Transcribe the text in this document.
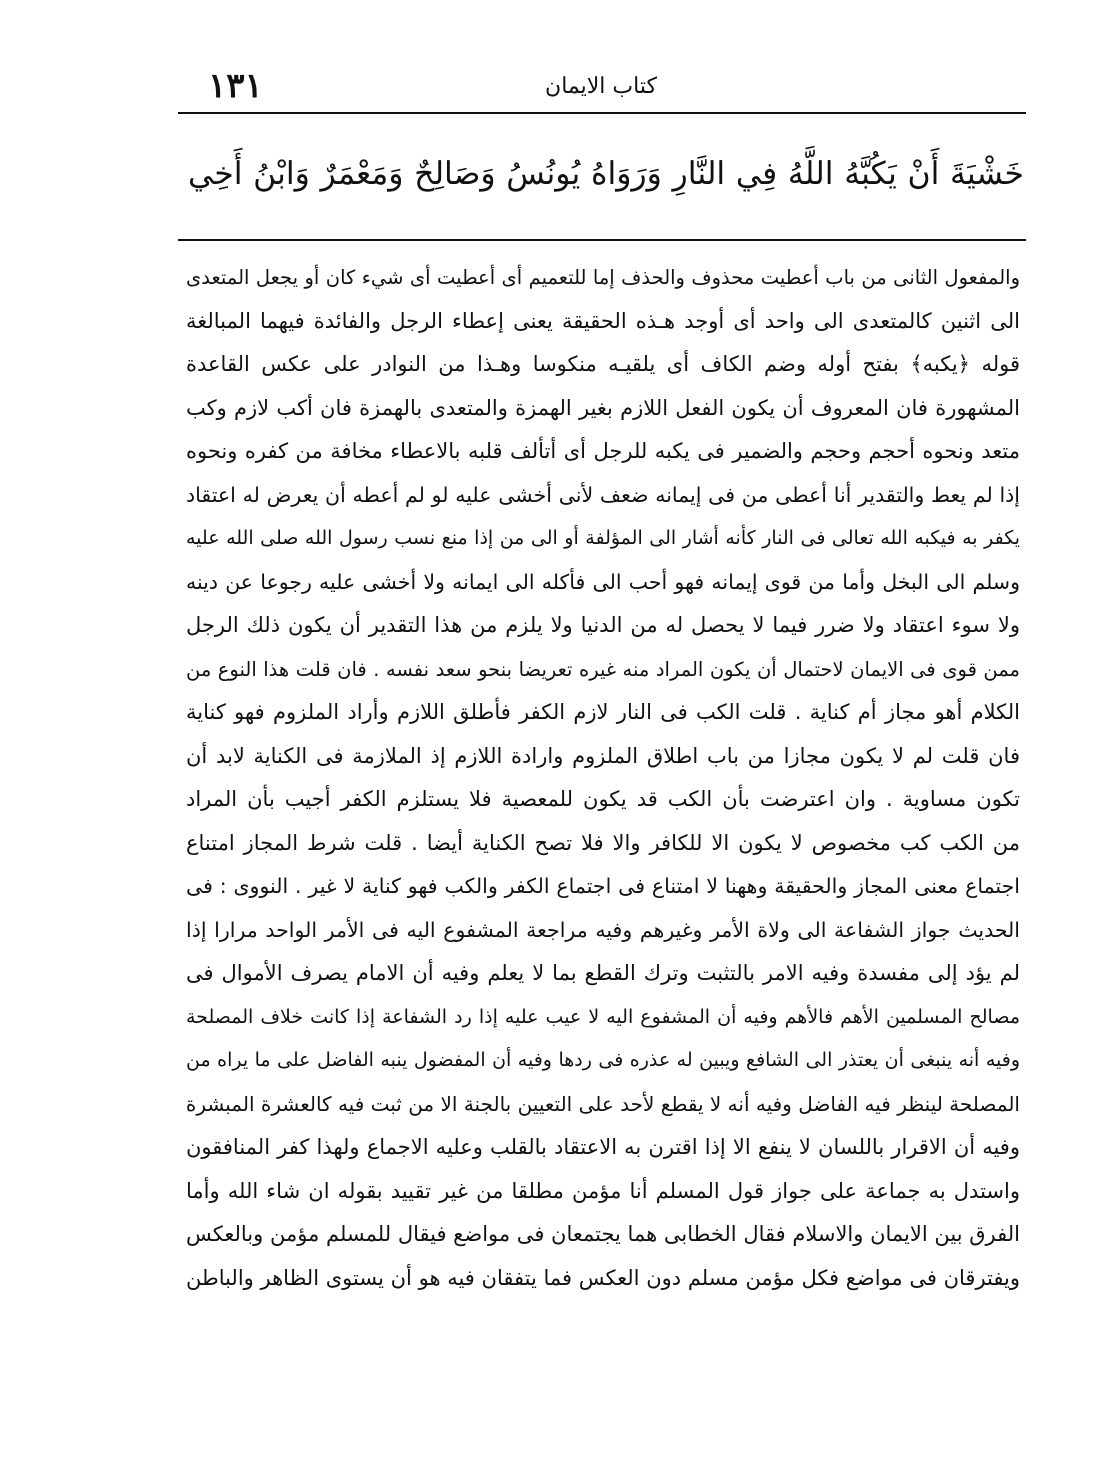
١٣١	كتاب الايمان
خَشْيَةَ أَنْ يَكُبَّهُ اللَّهُ فِي النَّارِ وَرَوَاهُ يُونُسُ وَصَالِحٌ وَمَعْمَرٌ وَابْنُ أَخِي
والمفعول الثانى من باب أعطيت محذوف والحذف إما للتعميم أى أعطيت أى شيء كان أو يجعل المتعدى
الى اثنين كالمتعدى الى واحد أى أوجد هـذه الحقيقة يعنى إعطاء الرجل والفائدة فيهما المبالغة
قوله ﴿يكبه﴾ بفتح أوله وضم الكاف أى يلقيـه منكوسا وهـذا من النوادر على عكس القاعدة
المشهورة فان المعروف أن يكون الفعل اللازم بغير الهمزة والمتعدى بالهمزة فان أكب لازم وكب
متعد ونحوه أحجم وحجم والضمير فى يكبه للرجل أى أتألف قلبه بالاعطاء مخافة من كفره ونحوه
إذا لم يعط والتقدير أنا أعطى من فى إيمانه ضعف لأنى أخشى عليه لو لم أعطه أن يعرض له اعتقاد
يكفر به فيكبه الله تعالى فى النار كأنه أشار الى المؤلفة أو الى من إذا منع نسب رسول الله صلى الله عليه
وسلم الى البخل وأما من قوى إيمانه فهو أحب الى فأكله الى ايمانه ولا أخشى عليه رجوعا عن دينه
ولا سوء اعتقاد ولا ضرر فيما لا يحصل له من الدنيا ولا يلزم من هذا التقدير أن يكون ذلك الرجل
ممن قوى فى الايمان لاحتمال أن يكون المراد منه غيره تعريضا بنحو سعد نفسه . فان قلت هذا النوع من
الكلام أهو مجاز أم كناية . قلت الكب فى النار لازم الكفر فأطلق اللازم وأراد الملزوم فهو كناية
فان قلت لم لا يكون مجازا من باب اطلاق الملزوم وارادة اللازم إذ الملازمة فى الكناية لابد أن
تكون مساوية . وان اعترضت بأن الكب قد يكون للمعصية فلا يستلزم الكفر أجيب بأن المراد
من الكب كب مخصوص لا يكون الا للكافر والا فلا تصح الكناية أيضا . قلت شرط المجاز امتناع
اجتماع معنى المجاز والحقيقة وههنا لا امتناع فى اجتماع الكفر والكب فهو كناية لا غير . النووى : فى
الحديث جواز الشفاعة الى ولاة الأمر وغيرهم وفيه مراجعة المشفوع اليه فى الأمر الواحد مرارا إذا
لم يؤد إلى مفسدة وفيه الامر بالتثبت وترك القطع بما لا يعلم وفيه أن الامام يصرف الأموال فى
مصالح المسلمين الأهم فالأهم وفيه أن المشفوع اليه لا عيب عليه إذا رد الشفاعة إذا كانت خلاف المصلحة
وفيه أنه ينبغى أن يعتذر الى الشافع ويبين له عذره فى ردها وفيه أن المفضول ينبه الفاضل على ما يراه من
المصلحة لينظر فيه الفاضل وفيه أنه لا يقطع لأحد على التعيين بالجنة الا من ثبت فيه كالعشرة المبشرة
وفيه أن الاقرار باللسان لا ينفع الا إذا اقترن به الاعتقاد بالقلب وعليه الاجماع ولهذا كفر المنافقون
واستدل به جماعة على جواز قول المسلم أنا مؤمن مطلقا من غير تقييد بقوله ان شاء الله وأما
الفرق بين الايمان والاسلام فقال الخطابى هما يجتمعان فى مواضع فيقال للمسلم مؤمن وبالعكس
ويفترقان فى مواضع فكل مؤمن مسلم دون العكس فما يتفقان فيه هو أن يستوى الظاهر والباطن
